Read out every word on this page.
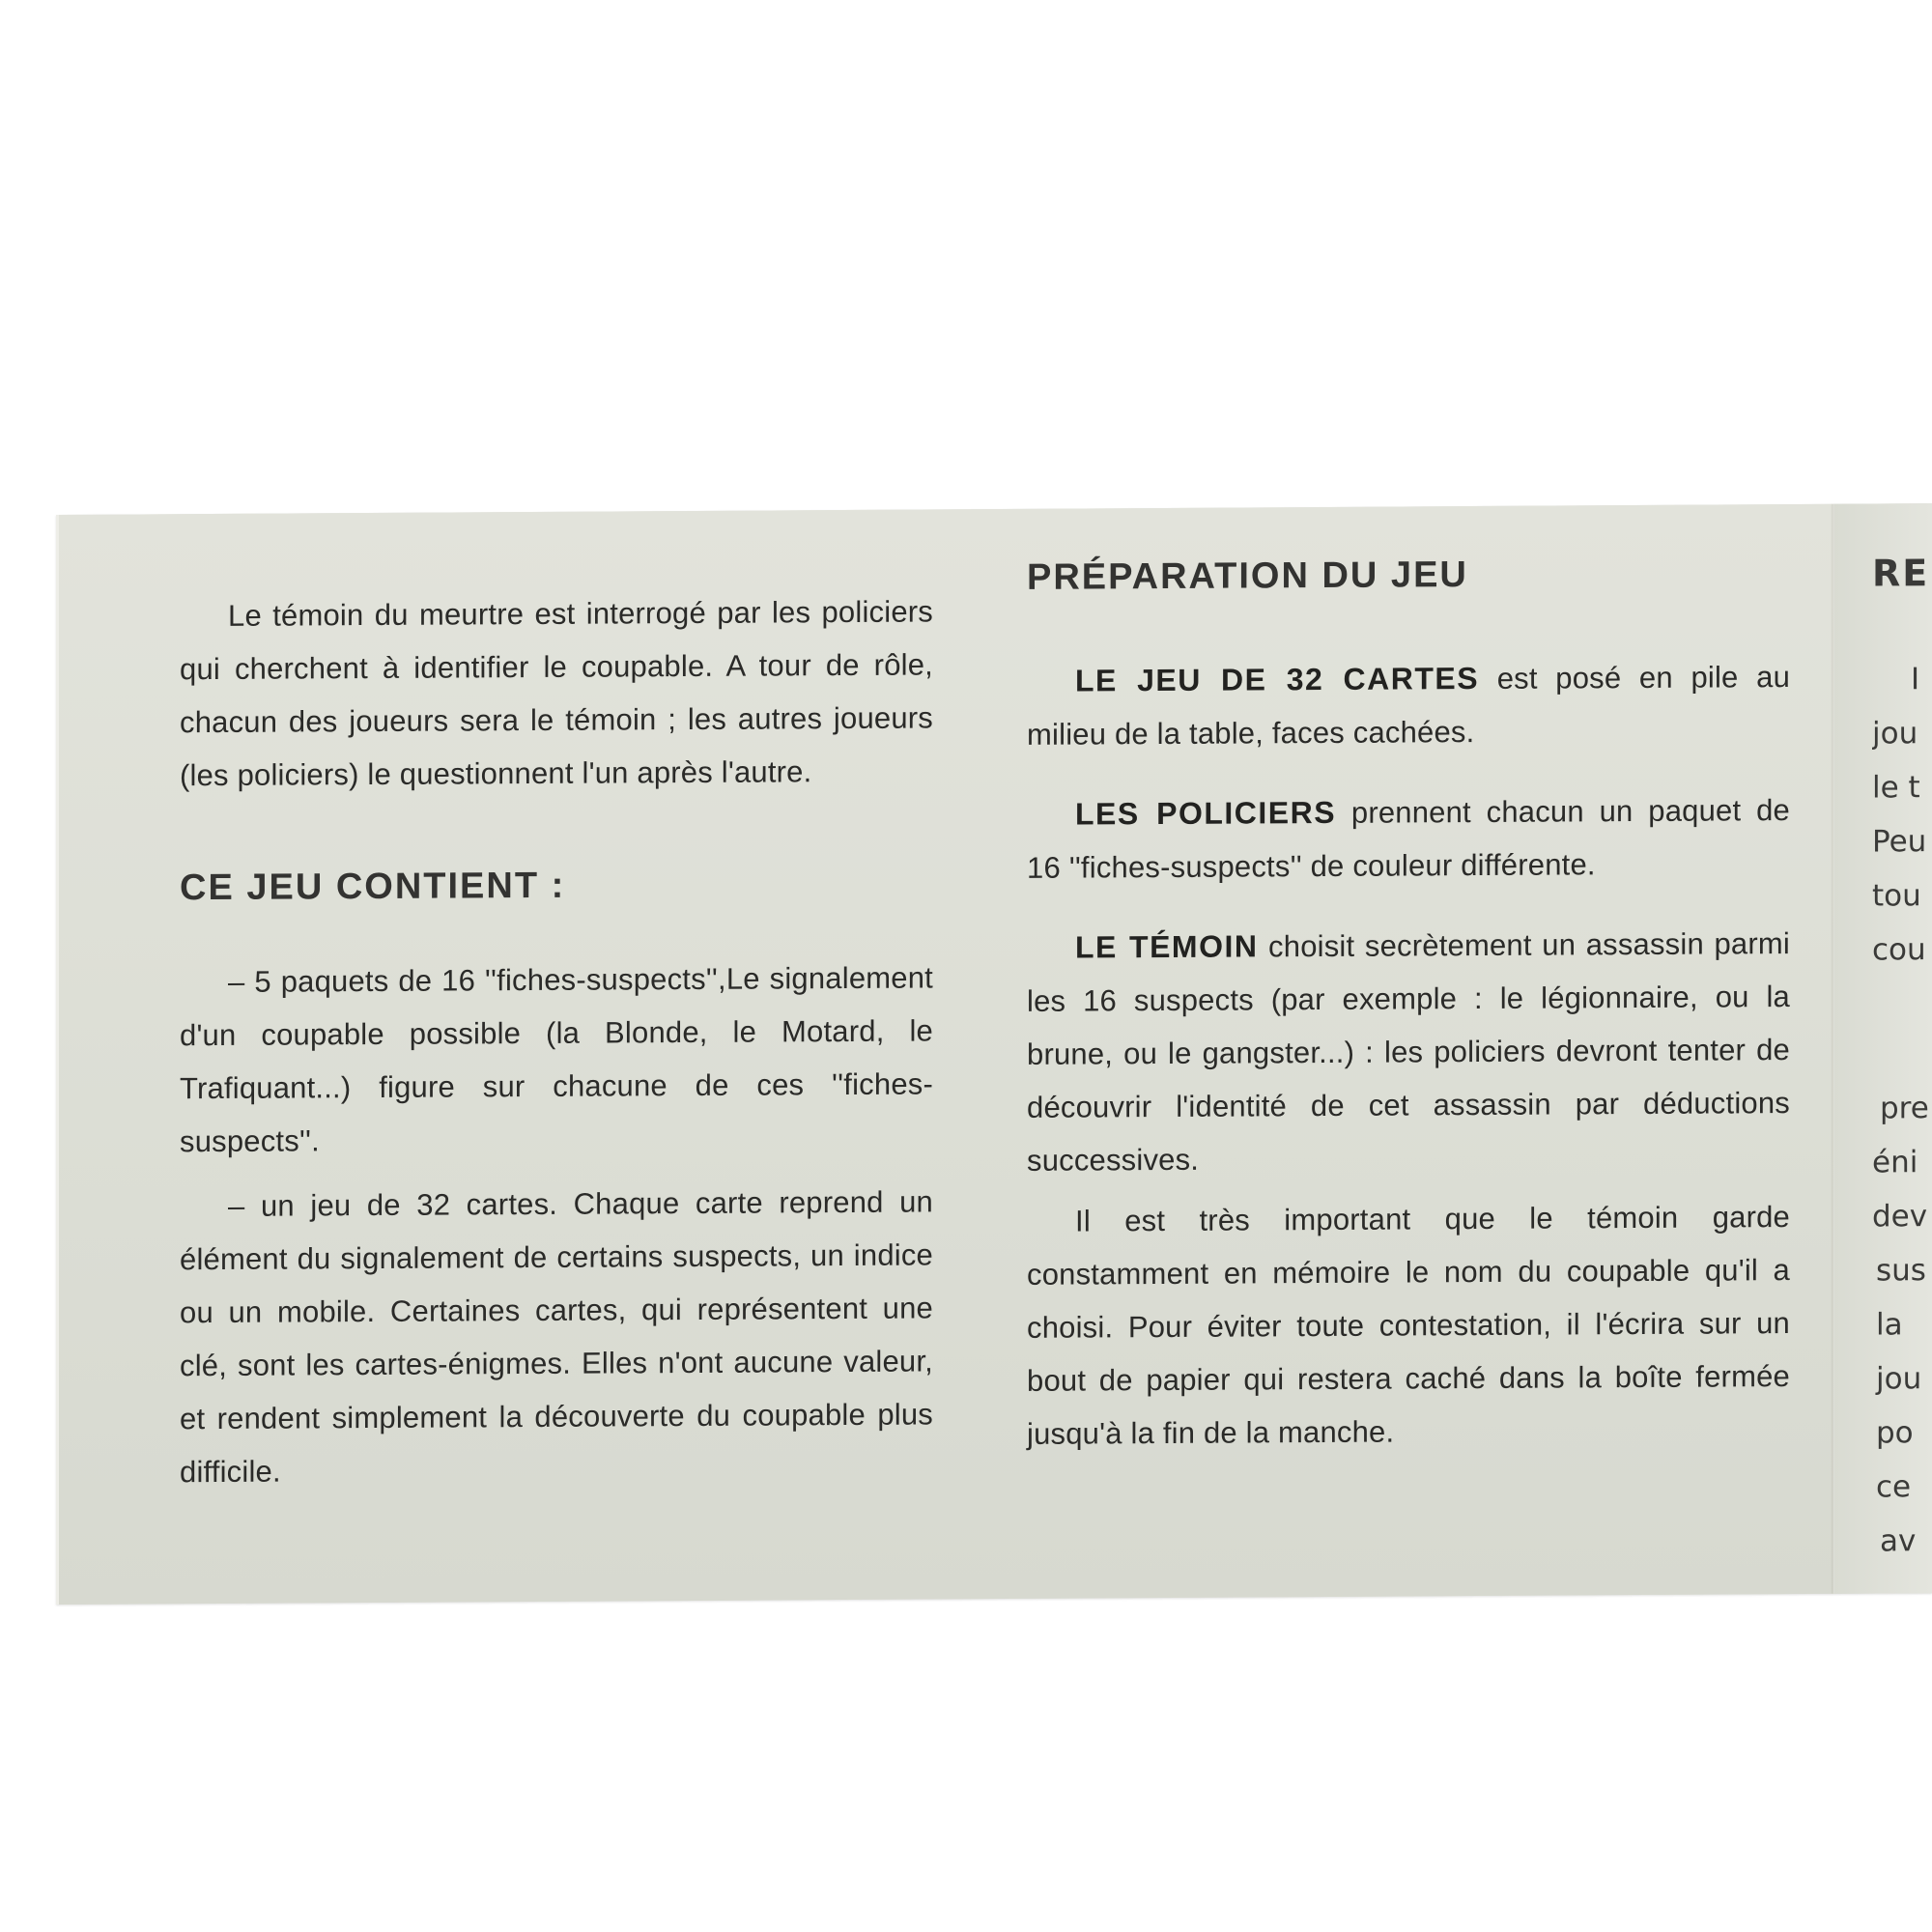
Le témoin du meurtre est interrogé par les policiers qui cherchent à identifier le coupable. A tour de rôle, chacun des joueurs sera le témoin ; les autres joueurs (les policiers) le questionnent l'un après l'autre.

CE JEU CONTIENT :

– 5 paquets de 16 ''fiches-suspects'',Le signalement d'un coupable possible (la Blonde, le Motard, le Trafiquant...) figure sur chacune de ces ''fiches-suspects''.

– un jeu de 32 cartes. Chaque carte reprend un élément du signalement de certains suspects, un indice ou un mobile. Certaines cartes, qui représentent une clé, sont les cartes-énigmes. Elles n'ont aucune valeur, et rendent simplement la découverte du coupable plus difficile.

PRÉPARATION DU JEU

LE JEU DE 32 CARTES est posé en pile au milieu de la table, faces cachées.

LES POLICIERS prennent chacun un paquet de 16 ''fiches-suspects'' de couleur différente.

LE TÉMOIN choisit secrètement un assassin parmi les 16 suspects (par exemple : le légionnaire, ou la brune, ou le gangster...) : les policiers devront tenter de découvrir l'identité de cet assassin par déductions successives.

Il est très important que le témoin garde constamment en mémoire le nom du coupable qu'il a choisi. Pour éviter toute contestation, il l'écrira sur un bout de papier qui restera caché dans la boîte fermée jusqu'à la fin de la manche.

RE
I
jou
le t
Peu
tou
cou
pre
éni
dev
sus
la
jou
po
ce
av
